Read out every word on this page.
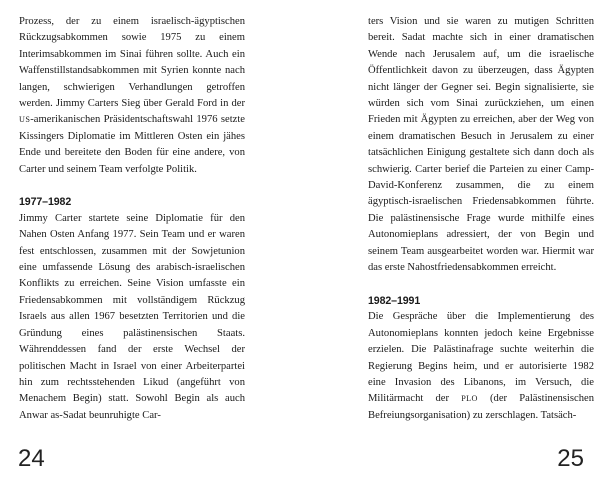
Prozess, der zu einem israelisch-ägyptischen Rückzugsabkommen sowie 1975 zu einem Interimsabkommen im Sinai führen sollte. Auch ein Waffenstillstandsabkommen mit Syrien konnte nach langen, schwierigen Verhandlungen getroffen werden. Jimmy Carters Sieg über Gerald Ford in der US-amerikanischen Präsidentschaftswahl 1976 setzte Kissingers Diplomatie im Mittleren Osten ein jähes Ende und bereitete den Boden für eine andere, von Carter und seinem Team verfolgte Politik.

1977–1982

Jimmy Carter startete seine Diplomatie für den Nahen Osten Anfang 1977. Sein Team und er waren fest entschlossen, zusammen mit der Sowjetunion eine umfassende Lösung des arabisch-israelischen Konflikts zu erreichen. Seine Vision umfasste ein Friedensabkommen mit vollständigem Rückzug Israels aus allen 1967 besetzten Territorien und die Gründung eines palästinensischen Staats. Währenddessen fand der erste Wechsel der politischen Macht in Israel von einer Arbeiterpartei hin zum rechtsstehenden Likud (angeführt von Menachem Begin) statt. Sowohl Begin als auch Anwar as-Sadat beunruhigte Car-

24

ters Vision und sie waren zu mutigen Schritten bereit. Sadat machte sich in einer dramatischen Wende nach Jerusalem auf, um die israelische Öffentlichkeit davon zu überzeugen, dass Ägypten nicht länger der Gegner sei. Begin signalisierte, sie würden sich vom Sinai zurückziehen, um einen Frieden mit Ägypten zu erreichen, aber der Weg von einem dramatischen Besuch in Jerusalem zu einer tatsächlichen Einigung gestaltete sich dann doch als schwierig. Carter berief die Parteien zu einer Camp-David-Konferenz zusammen, die zu einem ägyptisch-israelischen Friedensabkommen führte. Die palästinensische Frage wurde mithilfe eines Autonomieplans adressiert, der von Begin und seinem Team ausgearbeitet worden war. Hiermit war das erste Nahostfriedensabkommen erreicht.

1982–1991

Die Gespräche über die Implementierung des Autonomieplans konnten jedoch keine Ergebnisse erzielen. Die Palästinafrage suchte weiterhin die Regierung Begins heim, und er autorisierte 1982 eine Invasion des Libanons, im Versuch, die Militärmacht der PLO (der Palästinensischen Befreiungsorganisation) zu zerschlagen. Tatsäch-

25
